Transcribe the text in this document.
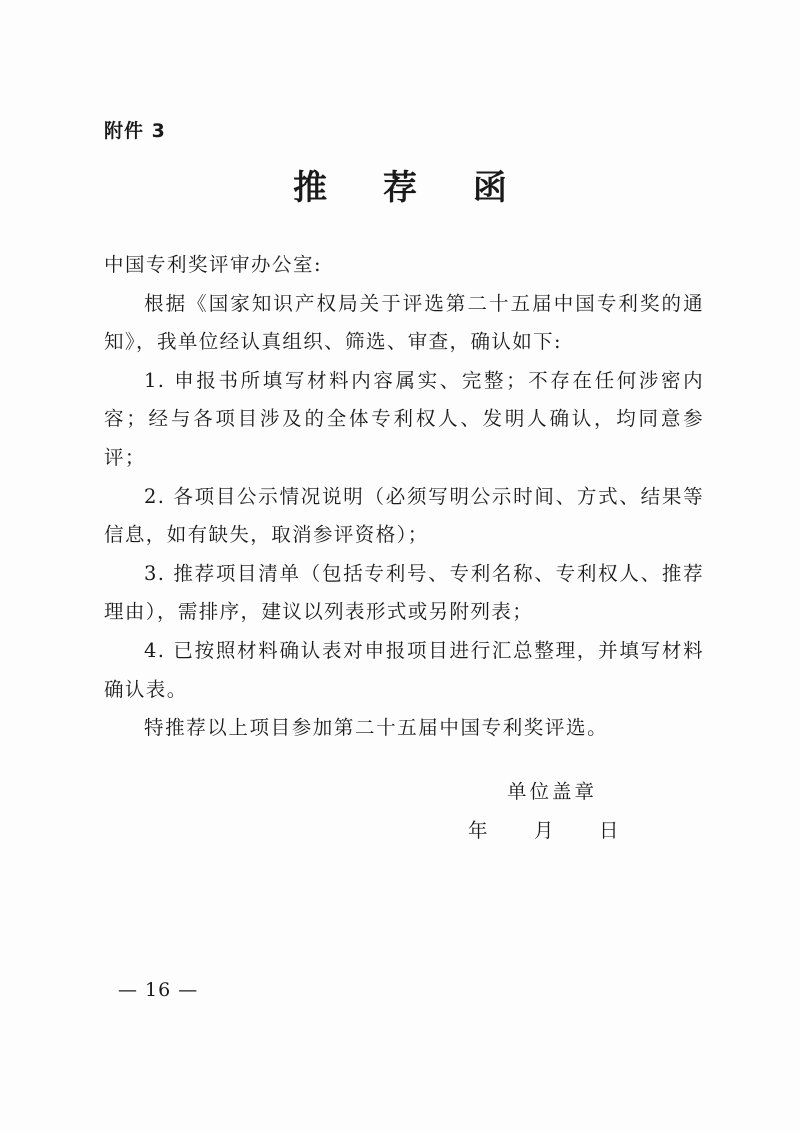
附件 3
推 荐 函

中国专利奖评审办公室:

根据《国家知识产权局关于评选第二十五届中国专利奖的通知》，我单位经认真组织、筛选、审查，确认如下:

1. 申报书所填写材料内容属实、完整；不存在任何涉密内容；经与各项目涉及的全体专利权人、发明人确认，均同意参评；

2. 各项目公示情况说明（必须写明公示时间、方式、结果等信息，如有缺失，取消参评资格）；

3. 推荐项目清单（包括专利号、专利名称、专利权人、推荐理由），需排序，建议以列表形式或另附列表；

4. 已按照材料确认表对申报项目进行汇总整理，并填写材料确认表。

特推荐以上项目参加第二十五届中国专利奖评选。

单位盖章
年 月 日
— 16 —
